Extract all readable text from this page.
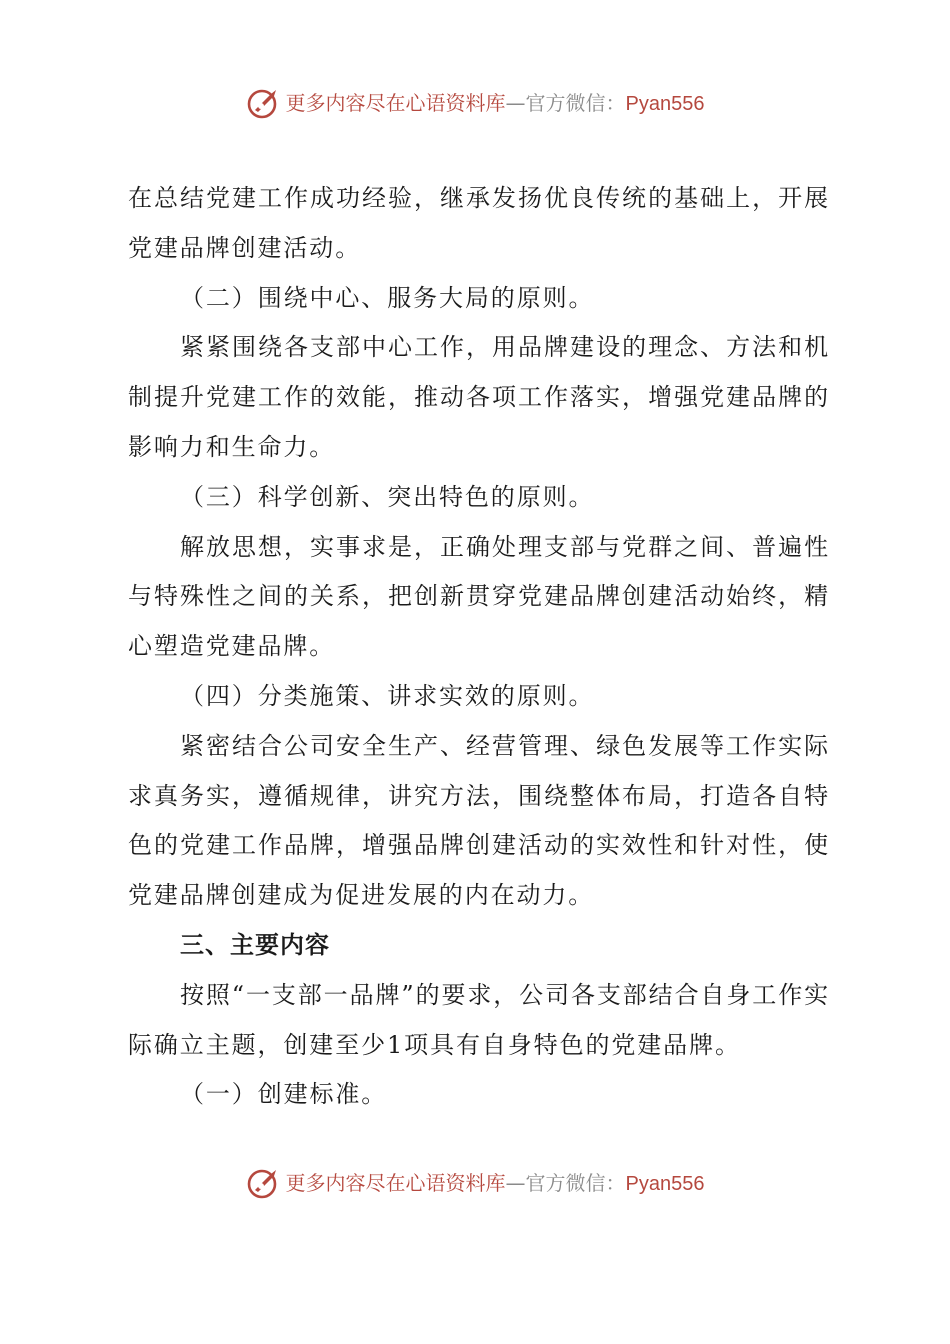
更多内容尽在心语资料库—官方微信：Pyan556

在总结党建工作成功经验，继承发扬优良传统的基础上，开展党建品牌创建活动。

（二）围绕中心、服务大局的原则。

紧紧围绕各支部中心工作，用品牌建设的理念、方法和机制提升党建工作的效能，推动各项工作落实，增强党建品牌的影响力和生命力。

（三）科学创新、突出特色的原则。

解放思想，实事求是，正确处理支部与党群之间、普遍性与特殊性之间的关系，把创新贯穿党建品牌创建活动始终，精心塑造党建品牌。

（四）分类施策、讲求实效的原则。

紧密结合公司安全生产、经营管理、绿色发展等工作实际求真务实，遵循规律，讲究方法，围绕整体布局，打造各自特色的党建工作品牌，增强品牌创建活动的实效性和针对性，使党建品牌创建成为促进发展的内在动力。

三、主要内容

按照“一支部一品牌”的要求，公司各支部结合自身工作实际确立主题，创建至少1项具有自身特色的党建品牌。

（一）创建标准。

更多内容尽在心语资料库—官方微信：Pyan556
